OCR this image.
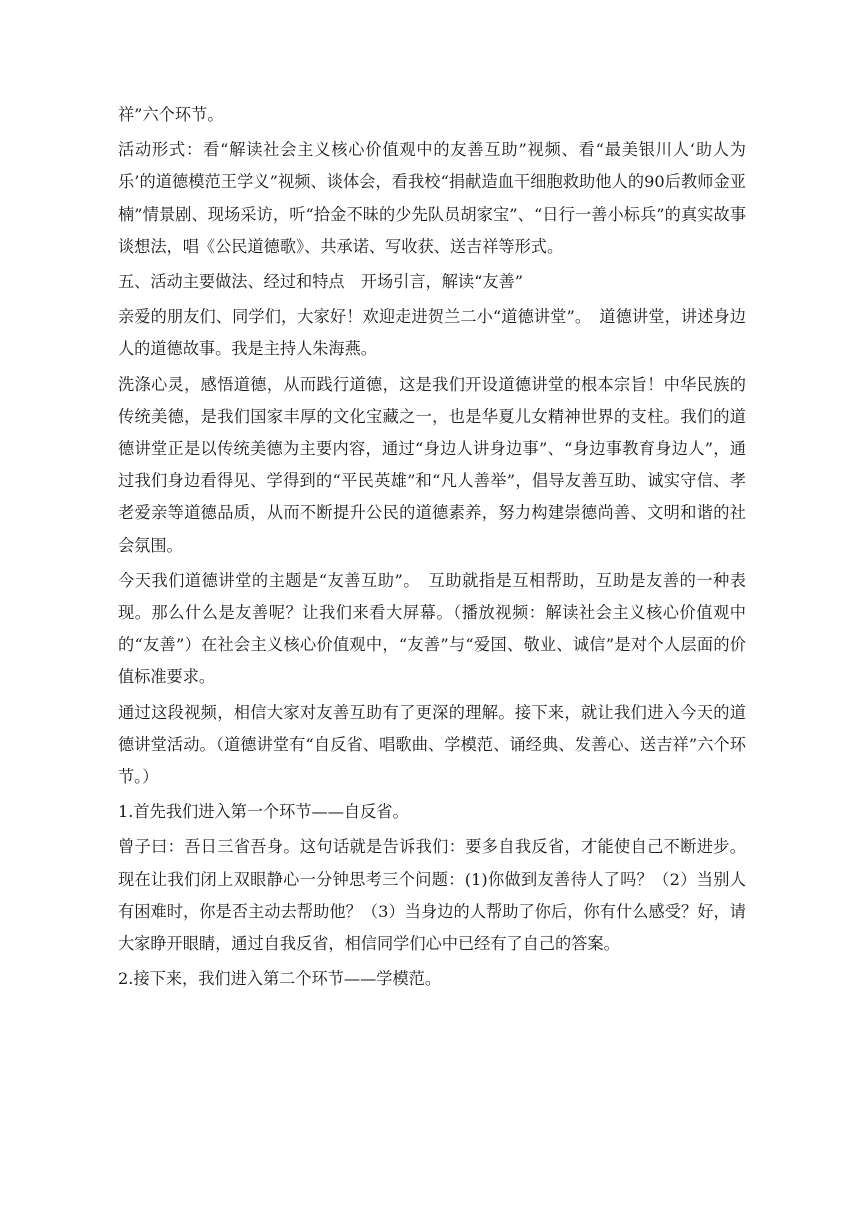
祥”六个环节。

活动形式：看“解读社会主义核心价值观中的友善互助”视频、看“最美银川人‘助人为乐’的道德模范王学义”视频、谈体会，看我校“捐献造血干细胞救助他人的90后教师金亚楠”情景剧、现场采访，听“拾金不昧的少先队员胡家宝”、“日行一善小标兵”的真实故事谈想法，唱《公民道德歌》、共承诺、写收获、送吉祥等形式。

五、活动主要做法、经过和特点　开场引言，解读“友善”

亲爱的朋友们、同学们，大家好！欢迎走进贺兰二小“道德讲堂”。　道德讲堂，讲述身边人的道德故事。我是主持人朱海燕。

洗涤心灵，感悟道德，从而践行道德，这是我们开设道德讲堂的根本宗旨！中华民族的传统美德，是我们国家丰厚的文化宝藏之一，也是华夏儿女精神世界的支柱。我们的道德讲堂正是以传统美德为主要内容，通过“身边人讲身边事”、“身边事教育身边人”，通过我们身边看得见、学得到的“平民英雄”和“凡人善举”，倡导友善互助、诚实守信、孝老爱亲等道德品质，从而不断提升公民的道德素养，努力构建崇德尚善、文明和谐的社会氛围。

今天我们道德讲堂的主题是“友善互助”。　互助就指是互相帮助，互助是友善的一种表现。那么什么是友善呢？让我们来看大屏幕。（播放视频：解读社会主义核心价值观中的“友善”）在社会主义核心价值观中，“友善”与“爱国、敬业、诚信”是对个人层面的价值标准要求。

通过这段视频，相信大家对友善互助有了更深的理解。接下来，就让我们进入今天的道德讲堂活动。（道德讲堂有“自反省、唱歌曲、学模范、诵经典、发善心、送吉祥”六个环节。）

1.首先我们进入第一个环节——自反省。

曾子曰：吾日三省吾身。这句话就是告诉我们：要多自我反省，才能使自己不断进步。现在让我们闭上双眼静心一分钟思考三个问题：(1)你做到友善待人了吗？（2）当别人有困难时，你是否主动去帮助他？（3）当身边的人帮助了你后，你有什么感受？好，请大家睁开眼睛，通过自我反省，相信同学们心中已经有了自己的答案。

2.接下来，我们进入第二个环节——学模范。
